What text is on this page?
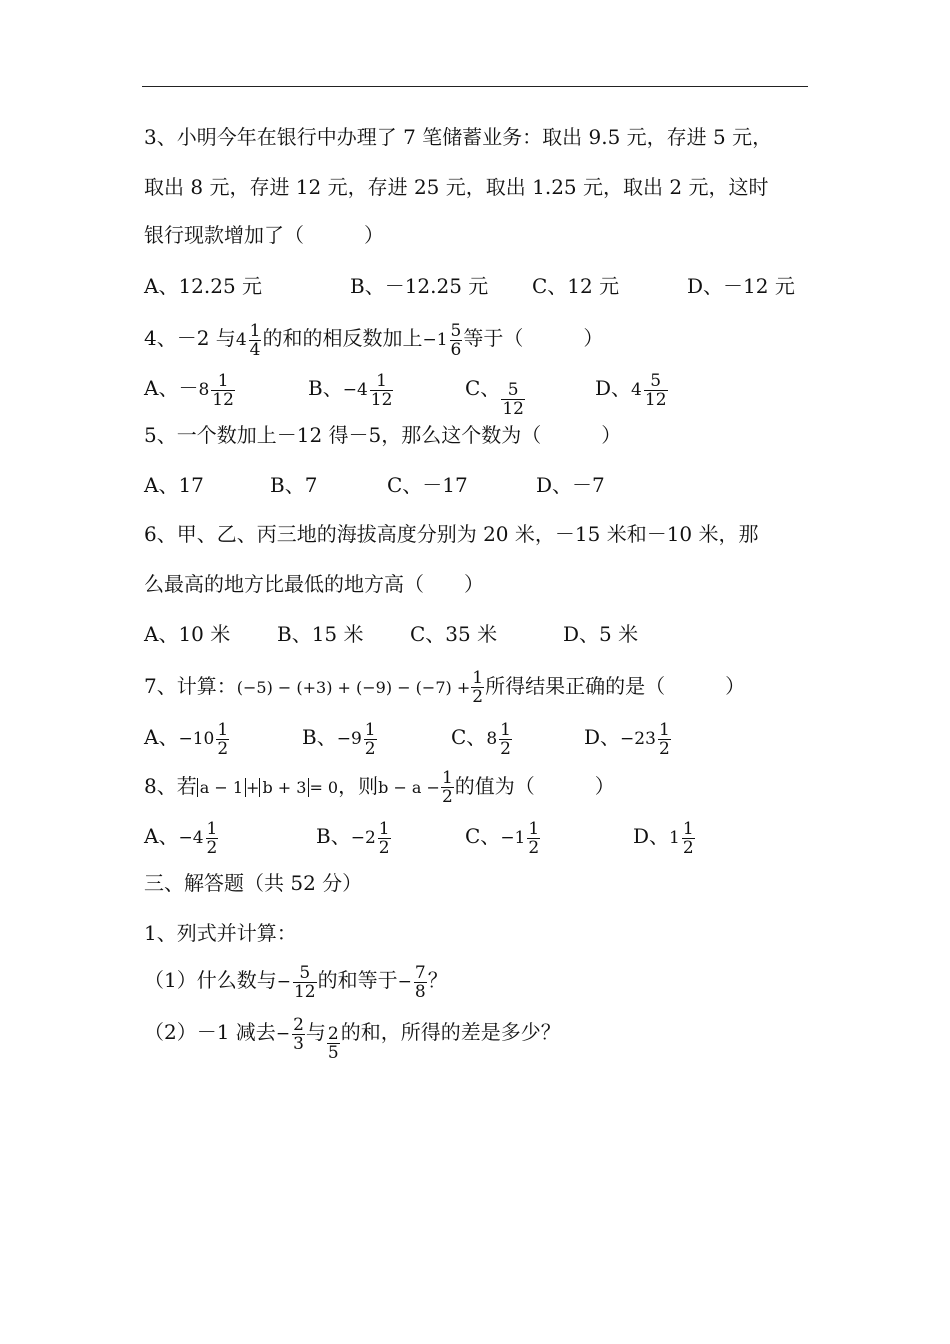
3、小明今年在银行中办理了 7 笔储蓄业务：取出 9.5 元，存进 5 元，
取出 8 元，存进 12 元，存进 25 元，取出 1.25 元，取出 2 元，这时
银行现款增加了（　　　）
A、12.25 元	B、－12.25 元 C、12 元	D、－12 元
4、－2 与 $4 \frac{1}{4}$ 的和的相反数加上 $-1 \frac{5}{6}$ 等于（　　　）
A、－ $8 \frac{1}{12}$	B、 $-4 \frac{1}{12}$	C、 $\frac{5}{12}$	D、 $4 \frac{5}{12}$
5、一个数加上－12 得－5，那么这个数为（　　　）
A、17	B、7	C、－17	D、－7
6、甲、乙、丙三地的海拔高度分别为 20 米，－15 米和－10 米，那
么最高的地方比最低的地方高（　　）
A、10 米 B、15 米 C、35 米	D、5 米
7、计算：$(-5) - (+3) + (-9) - (-7) + \frac{1}{2}$ 所得结果正确的是（　　　）
A、 $-10 \frac{1}{2}$	B、 $-9 \frac{1}{2}$	C、 $8 \frac{1}{2}$	D、 $-23 \frac{1}{2}$
8、若 a − 1 + b + 3 = 0，则$b - a - \frac{1}{2}$ 的值为（　　　）
A、 $-4 \frac{1}{2}$	B、 $-2 \frac{1}{2}$	C、 $-1 \frac{1}{2}$	D、 $1 \frac{1}{2}$
三、解答题（共 52 分）
1、列式并计算：
（1）什么数与 − $\frac{5}{12}$ 的和等于 − $\frac{7}{8}$ ？
（2）－1 减去 − $\frac{2}{3}$ 与 $\frac{2}{5}$ 的和，所得的差是多少？
